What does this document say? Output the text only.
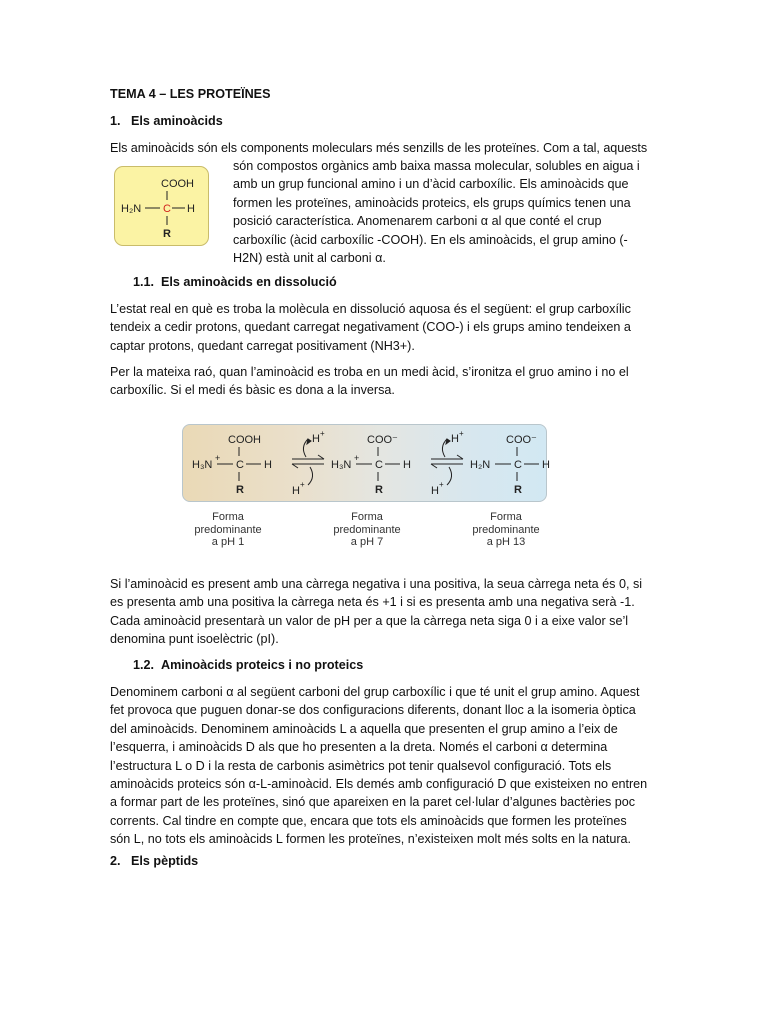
TEMA 4 – LES PROTEÏNES
1.   Els aminoàcids
Els aminoàcids són els components moleculars més senzills de les proteïnes. Com a tal, aquests
són compostos orgànics amb baixa massa molecular, solubles en aigua i
amb un grup funcional amino i un d’àcid carboxílic. Els aminoàcids que
formen les proteïnes, aminoàcids proteics, els grups químics tenen una
posició característica. Anomenarem carboni α al que conté el crup
carboxílic (àcid carboxílic -COOH). En els aminoàcids, el grup amino (-
H2N) està unit al carboni α.
COOH
H₂N C H
R
1.1.  Els aminoàcids en dissolució
L’estat real en què es troba la molècula en dissolució aquosa és el següent: el grup carboxílic
tendeix a cedir protons, quedant carregat negativament (COO-) i els grups amino tendeixen a
captar protons, quedant carregat positivament (NH3+).
Per la mateixa raó, quan l’aminoàcid es troba en un medi àcid, s’ironitza el gruo amino i no el
carboxílic. Si el medi és bàsic es dona a la inversa.
COOH
H₃N
+
C H
R
COO⁻
H₃N
+
C H
R
COO⁻
H₂N C H
R
H +
H
+
H +
H
+
Forma
predominante
a pH 1
Forma
predominante
a pH 7
Forma
predominante
a pH 13
Si l’aminoàcid es present amb una càrrega negativa i una positiva, la seua càrrega neta és 0, si
es presenta amb una positiva la càrrega neta és +1 i si es presenta amb una negativa serà -1.
Cada aminoàcid presentarà un valor de pH per a que la càrrega neta siga 0 i a eixe valor se’l
denomina punt isoelèctric (pI).
1.2.  Aminoàcids proteics i no proteics
Denominem carboni α al següent carboni del grup carboxílic i que té unit el grup amino. Aquest
fet provoca que puguen donar-se dos configuracions diferents, donant lloc a la isomeria òptica
del aminoàcids. Denominem aminoàcids L a aquella que presenten el grup amino a l’eix de
l’esquerra, i aminoàcids D als que ho presenten a la dreta. Només el carboni α determina
l’estructura L o D i la resta de carbonis asimètrics pot tenir qualsevol configuració. Tots els
aminoàcids proteics són α-L-aminoàcid. Els demés amb configuració D que existeixen no entren
a formar part de les proteïnes, sinó que apareixen en la paret cel·lular d’algunes bactèries poc
corrents. Cal tindre en compte que, encara que tots els aminoàcids que formen les proteïnes
són L, no tots els aminoàcids L formen les proteïnes, n’existeixen molt més solts en la natura.
2.   Els pèptids
